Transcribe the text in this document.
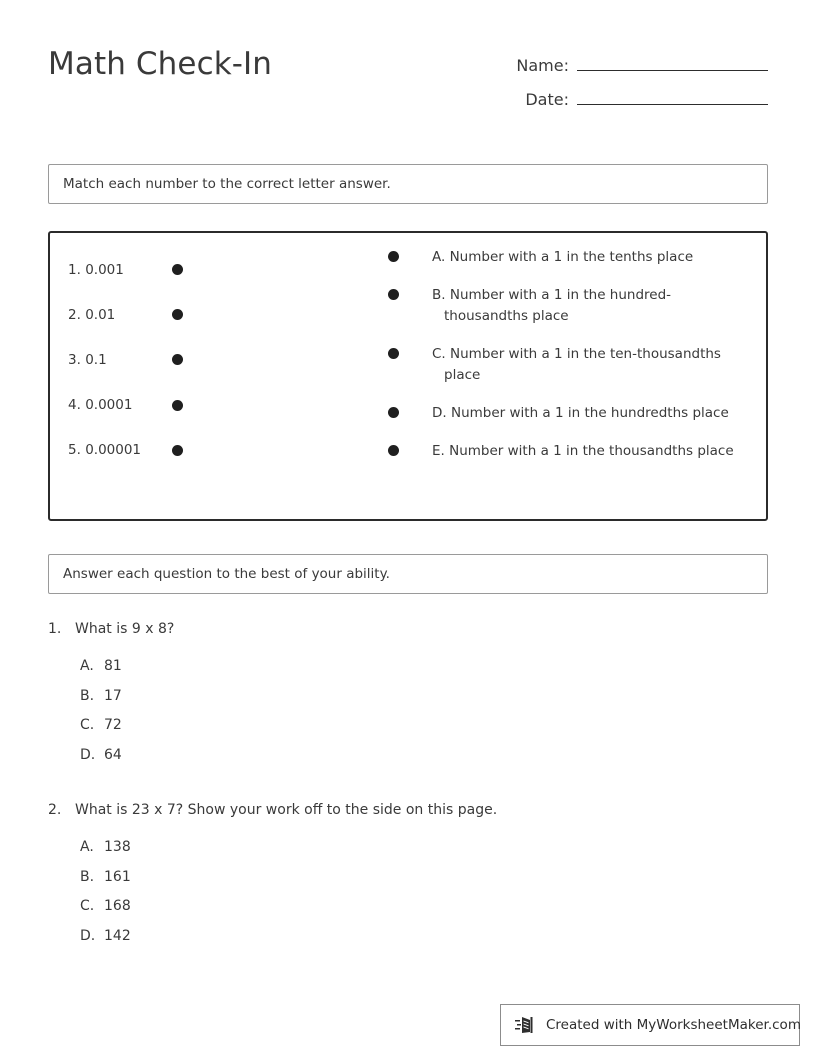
Math Check-In	Name:
Date:
Match each number to the correct letter answer.
1. 0.001
2. 0.01
3. 0.1
4. 0.0001
5. 0.00001
A. Number with a 1 in the tenths place
B. Number with a 1 in the hundred-thousandths place
C. Number with a 1 in the ten-thousandths place
D. Number with a 1 in the hundredths place
E. Number with a 1 in the thousandths place
Answer each question to the best of your ability.
1. What is 9 x 8?
A. 81
B. 17
C. 72
D. 64
2. What is 23 x 7? Show your work off to the side on this page.
A. 138
B. 161
C. 168
D. 142
Created with MyWorksheetMaker.com
